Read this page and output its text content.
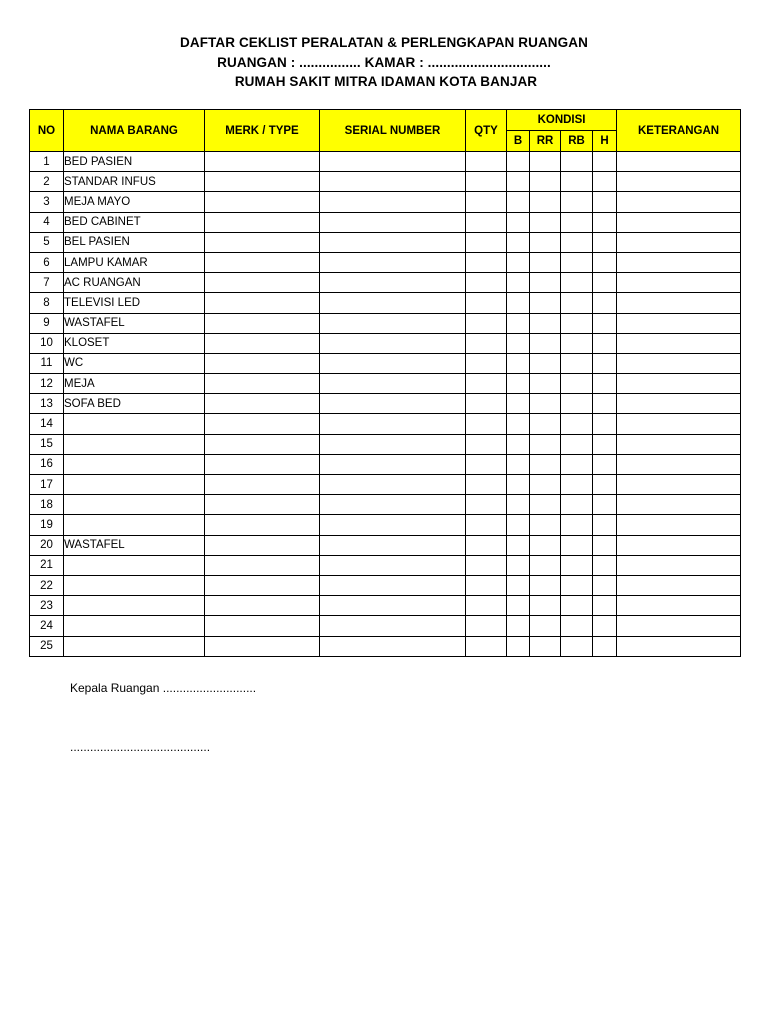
DAFTAR CEKLIST PERALATAN & PERLENGKAPAN RUANGAN
RUANGAN : ................ KAMAR : ................................
RUMAH SAKIT MITRA IDAMAN KOTA BANJAR
NO	NAMA BARANG	MERK / TYPE	SERIAL NUMBER	QTY	KONDISI				KETERANGAN
					B	RR	RB	H	
1	BED PASIEN								
2	STANDAR INFUS								
3	MEJA MAYO								
4	BED CABINET								
5	BEL PASIEN								
6	LAMPU KAMAR								
7	AC RUANGAN								
8	TELEVISI LED								
9	WASTAFEL								
10	KLOSET								
11	WC								
12	MEJA								
13	SOFA BED								
14									
15									
16									
17									
18									
19									
20	WASTAFEL								
21									
22									
23									
24									
25									
Kepala Ruangan ............................
..........................................
